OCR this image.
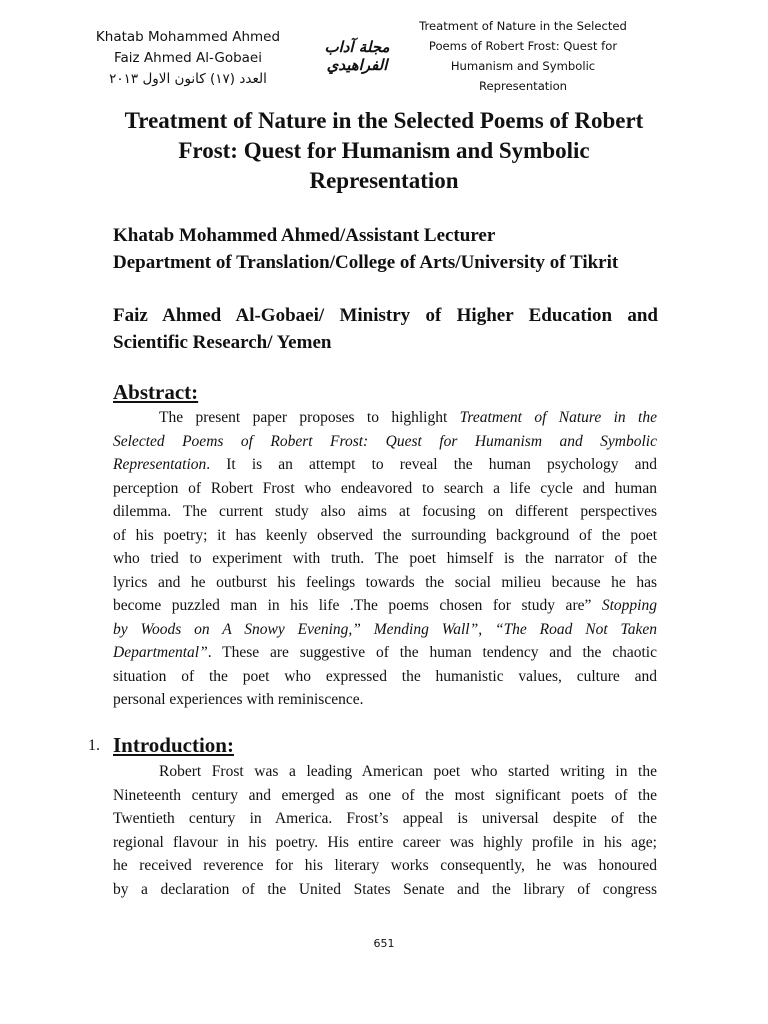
Khatab Mohammed Ahmed
Faiz Ahmed Al-Gobaei
العدد (١٧) كانون الاول ٢٠١٣
مجلة آداب الفراهيدي
Treatment of Nature in the Selected
Poems of Robert Frost: Quest for
Humanism and Symbolic Representation
Treatment of Nature in the Selected Poems of Robert
Frost: Quest for Humanism and Symbolic
Representation
Khatab Mohammed Ahmed/Assistant Lecturer
Department of Translation/College of Arts/University of Tikrit
Faiz Ahmed Al-Gobaei/ Ministry of Higher Education and
Scientific Research/ Yemen
Abstract:
The present paper proposes to highlight Treatment of Nature in the
Selected Poems of Robert Frost: Quest for Humanism and Symbolic
Representation. It is an attempt to reveal the human psychology and
perception of Robert Frost who endeavored to search a life cycle and human
dilemma. The current study also aims at focusing on different perspectives
of his poetry; it has keenly observed the surrounding background of the poet
who tried to experiment with truth. The poet himself is the narrator of the
lyrics and he outburst his feelings towards the social milieu because he has
become puzzled man in his life .The poems chosen for study are” Stopping
by Woods on A Snowy Evening,” Mending Wall”, “The Road Not Taken
Departmental”. These are suggestive of the human tendency and the chaotic
situation of the poet who expressed the humanistic values, culture and
personal experiences with reminiscence.
1. Introduction:
Robert Frost was a leading American poet who started writing in the
Nineteenth century and emerged as one of the most significant poets of the
Twentieth century in America. Frost’s appeal is universal despite of the
regional flavour in his poetry. His entire career was highly profile in his age;
he received reverence for his literary works consequently, he was honoured
by a declaration of the United States Senate and the library of congress
651
